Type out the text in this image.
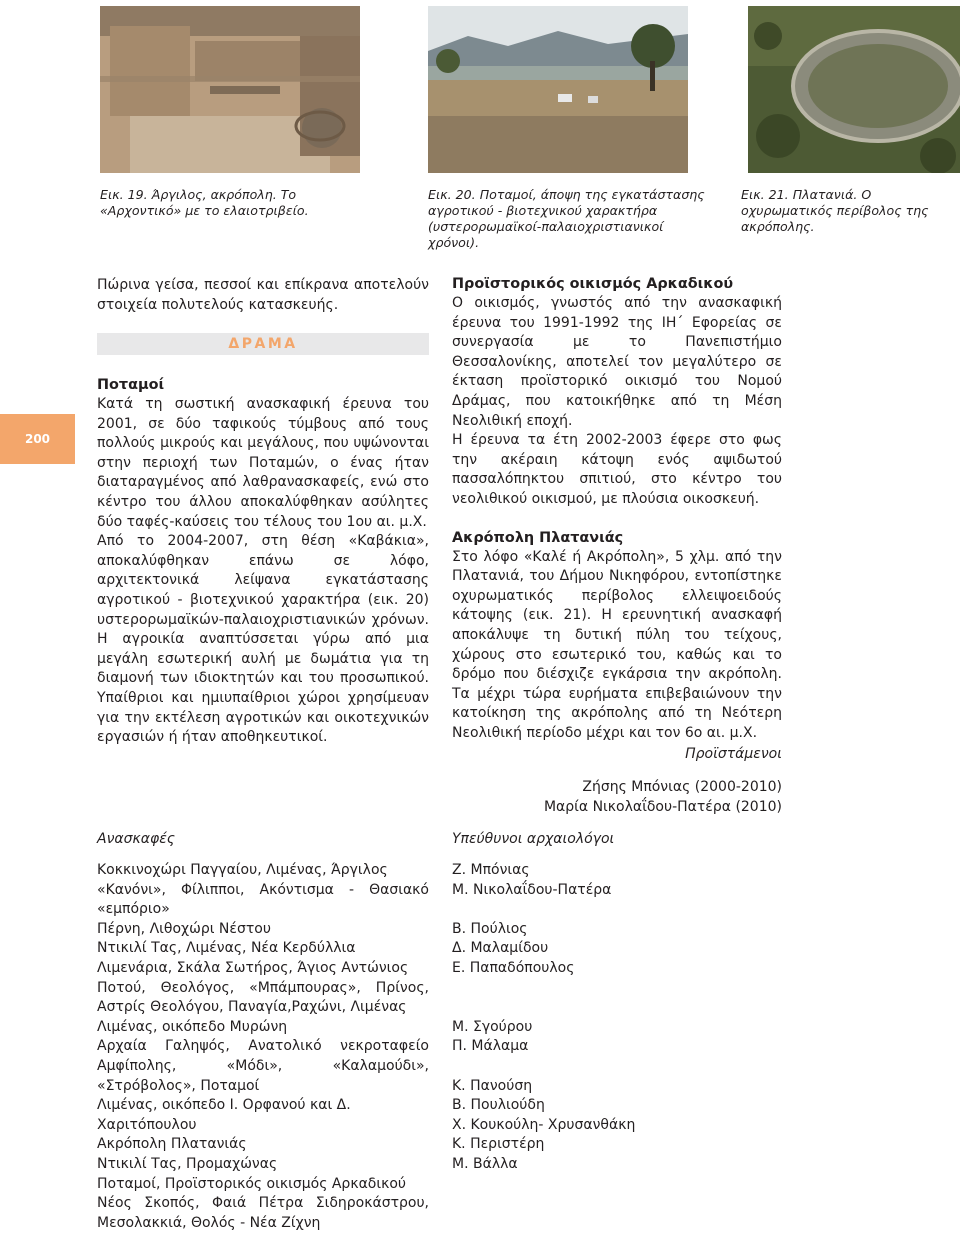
Εικ. 19. Άργιλος, ακρόπολη. Το «Αρχοντικό» με το ελαιοτριβείο.
Εικ. 20. Ποταμοί, άποψη της εγκατάστασης αγροτικού - βιοτεχνικού χαρακτήρα (υστερορωμαϊκοί-παλαιοχριστιανικοί χρόνοι).
Εικ. 21. Πλατανιά. Ο οχυρωματικός περίβολος της ακρόπολης.
200

Πώρινα γείσα, πεσσοί και επίκρανα αποτελούν στοιχεία πολυτελούς κατασκευής.

ΔΡΑΜΑ

Ποταμοί

Κατά τη σωστική ανασκαφική έρευνα του 2001, σε δύο ταφικούς τύμβους από τους πολλούς μικρούς και μεγάλους, που υψώνονται στην περιοχή των Ποταμών, ο ένας ήταν διαταραγμένος από λαθρανασκαφείς, ενώ στο κέντρο του άλλου αποκαλύφθηκαν ασύλητες δύο ταφές-καύσεις του τέλους του 1ου αι. μ.Χ.

Από το 2004-2007, στη θέση «Καβάκια», αποκαλύφθηκαν επάνω σε λόφο, αρχιτεκτονικά λείψανα εγκατάστασης αγροτικού - βιοτεχνικού χαρακτήρα (εικ. 20) υστερορωμαϊκών-παλαιοχριστιανικών χρόνων. Η αγροικία αναπτύσσεται γύρω από μια μεγάλη εσωτερική αυλή με δωμάτια για τη διαμονή των ιδιοκτητών και του προσωπικού. Υπαίθριοι και ημιυπαίθριοι χώροι χρησίμευαν για την εκτέλεση αγροτικών και οικοτεχνικών εργασιών ή ήταν αποθηκευτικοί.

Προϊστορικός οικισμός Αρκαδικού

Ο οικισμός, γνωστός από την ανασκαφική έρευνα του 1991-1992 της ΙΗ΄ Εφορείας σε συνεργασία με το Πανεπιστήμιο Θεσσαλονίκης, αποτελεί τον μεγαλύτερο σε έκταση προϊστορικό οικισμό του Νομού Δράμας, που κατοικήθηκε από τη Μέση Νεολιθική εποχή.

Η έρευνα τα έτη 2002-2003 έφερε στο φως την ακέραιη κάτοψη ενός αψιδωτού πασσαλόπηκτου σπιτιού, στο κέντρο του νεολιθικού οικισμού, με πλούσια οικοσκευή.

Ακρόπολη Πλατανιάς

Στο λόφο «Καλέ ή Ακρόπολη», 5 χλμ. από την Πλατανιά, του Δήμου Νικηφόρου, εντοπίστηκε οχυρωματικός περίβολος ελλειψοειδούς κάτοψης (εικ. 21). Η ερευνητική ανασκαφή αποκάλυψε τη δυτική πύλη του τείχους, χώρους στο εσωτερικό του, καθώς και το δρόμο που διέσχιζε εγκάρσια την ακρόπολη. Τα μέχρι τώρα ευρήματα επιβεβαιώνουν την κατοίκηση της ακρόπολης από τη Νεότερη Νεολιθική περίοδο μέχρι και τον 6ο αι. μ.Χ.

Προϊστάμενοι
Ζήσης Μπόνιας (2000-2010)
Μαρία Νικολαΐδου-Πατέρα (2010)
Ανασκαφές	Υπεύθυνοι αρχαιολόγοι
Κοκκινοχώρι Παγγαίου, Λιμένας, Άργιλος
«Κανόνι», Φίλιπποι, Ακόντισμα - Θασιακό «εμπόριο»
Πέρνη, Λιθοχώρι Νέστου
Ντικιλί Τας, Λιμένας, Νέα Κερδύλλια
Λιμενάρια, Σκάλα Σωτήρος, Άγιος Αντώνιος
Ποτού, Θεολόγος, «Μπάμπουρας», Πρίνος, Αστρίς Θεολόγου, Παναγία,Ραχώνι, Λιμένας
Λιμένας, οικόπεδο Μυρώνη
Αρχαία Γαληψός, Ανατολικό νεκροταφείο Αμφίπολης, «Μόδι», «Καλαμούδι», «Στρόβολος», Ποταμοί
Λιμένας, οικόπεδο Ι. Ορφανού και Δ. Χαριτόπουλου
Ακρόπολη Πλατανιάς
Ντικιλί Τας, Προμαχώνας
Ποταμοί, Προϊστορικός οικισμός Αρκαδικού
Νέος Σκοπός, Φαιά Πέτρα Σιδηροκάστρου, Μεσολακκιά, Θολός - Νέα Ζίχνη
Ζ. Μπόνιας
Μ. Νικολαΐδου-Πατέρα
Β. Πούλιος
Δ. Μαλαμίδου
Ε. Παπαδόπουλος
Μ. Σγούρου
Π. Μάλαμα
Κ. Πανούση
Β. Πουλιούδη
Χ. Κουκούλη- Χρυσανθάκη
Κ. Περιστέρη
Μ. Βάλλα
